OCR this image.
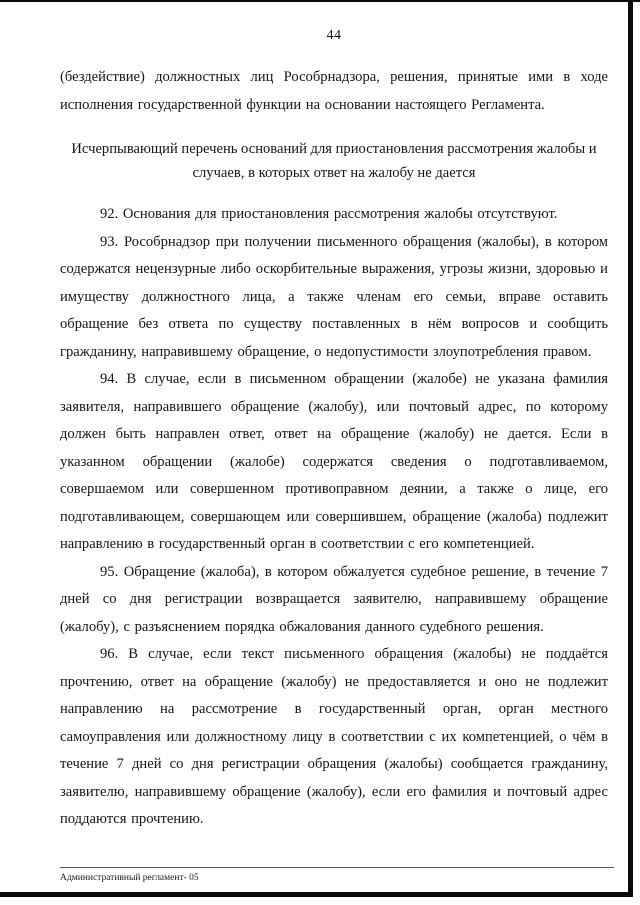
44

(бездействие) должностных лиц Рособрнадзора, решения, принятые ими в ходе исполнения государственной функции на основании настоящего Регламента.

Исчерпывающий перечень оснований для приостановления рассмотрения жалобы и случаев, в которых ответ на жалобу не дается

92. Основания для приостановления рассмотрения жалобы отсутствуют.

93. Рособрнадзор при получении письменного обращения (жалобы), в котором содержатся нецензурные либо оскорбительные выражения, угрозы жизни, здоровью и имуществу должностного лица, а также членам его семьи, вправе оставить обращение без ответа по существу поставленных в нём вопросов и сообщить гражданину, направившему обращение, о недопустимости злоупотребления правом.

94. В случае, если в письменном обращении (жалобе) не указана фамилия заявителя, направившего обращение (жалобу), или почтовый адрес, по которому должен быть направлен ответ, ответ на обращение (жалобу) не дается. Если в указанном обращении (жалобе) содержатся сведения о подготавливаемом, совершаемом или совершенном противоправном деянии, а также о лице, его подготавливающем, совершающем или совершившем, обращение (жалоба) подлежит направлению в государственный орган в соответствии с его компетенцией.

95. Обращение (жалоба), в котором обжалуется судебное решение, в течение 7 дней со дня регистрации возвращается заявителю, направившему обращение (жалобу), с разъяснением порядка обжалования данного судебного решения.

96. В случае, если текст письменного обращения (жалобы) не поддаётся прочтению, ответ на обращение (жалобу) не предоставляется и оно не подлежит направлению на рассмотрение в государственный орган, орган местного самоуправления или должностному лицу в соответствии с их компетенцией, о чём в течение 7 дней со дня регистрации обращения (жалобы) сообщается гражданину, заявителю, направившему обращение (жалобу), если его фамилия и почтовый адрес поддаются прочтению.

Административный регламент- 05
